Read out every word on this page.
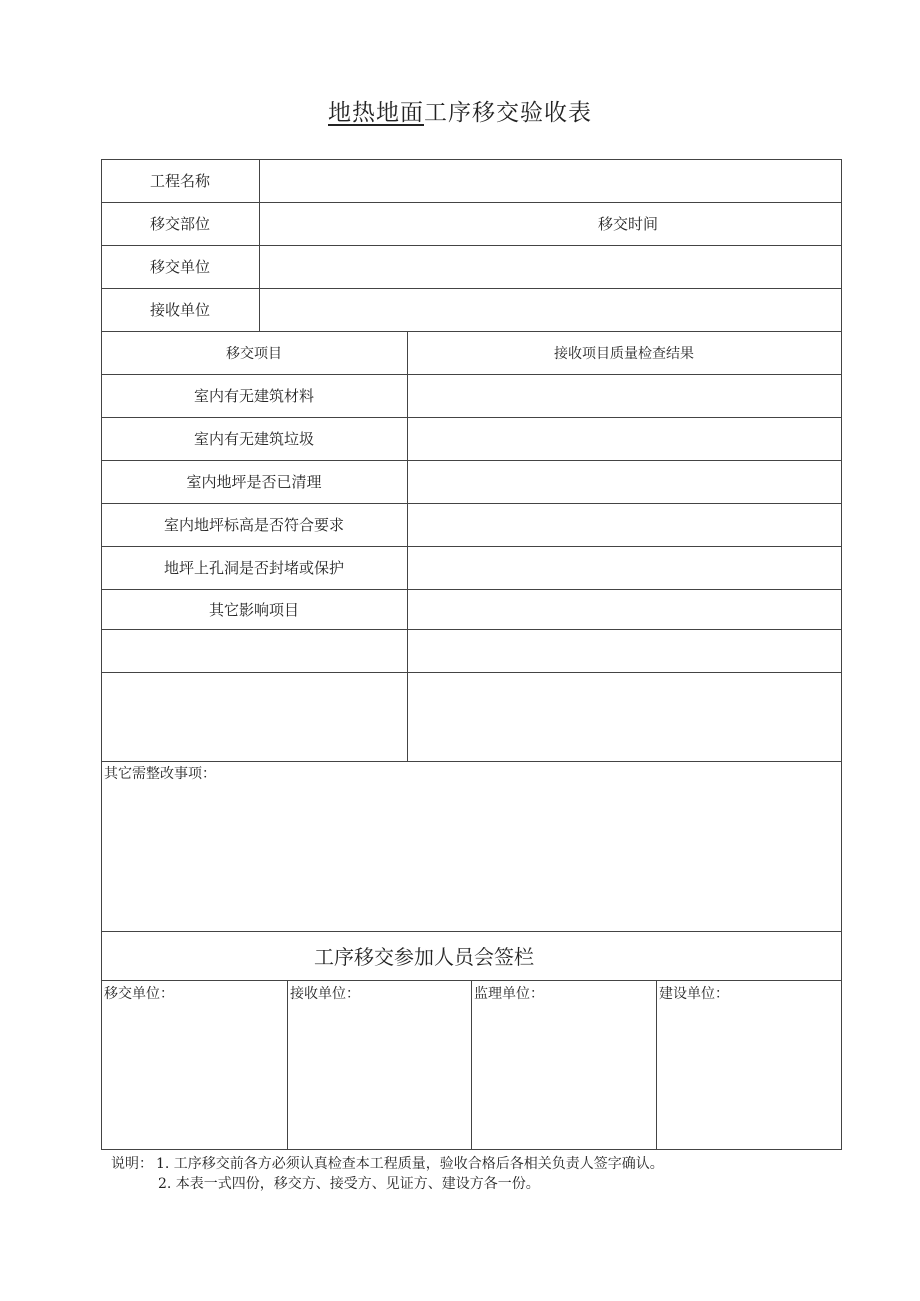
地热地面工序移交验收表
工程名称
移交部位	移交时间
移交单位
接收单位
移交项目	接收项目质量检查结果
室内有无建筑材料
室内有无建筑垃圾
室内地坪是否已清理
室内地坪标高是否符合要求
地坪上孔洞是否封堵或保护
其它影响项目
其它需整改事项：
工序移交参加人员会签栏
移交单位：	接收单位：	监理单位：	建设单位：
说明： 1. 工序移交前各方必须认真检查本工程质量，验收合格后各相关负责人签字确认。
2. 本表一式四份，移交方、接受方、见证方、建设方各一份。
